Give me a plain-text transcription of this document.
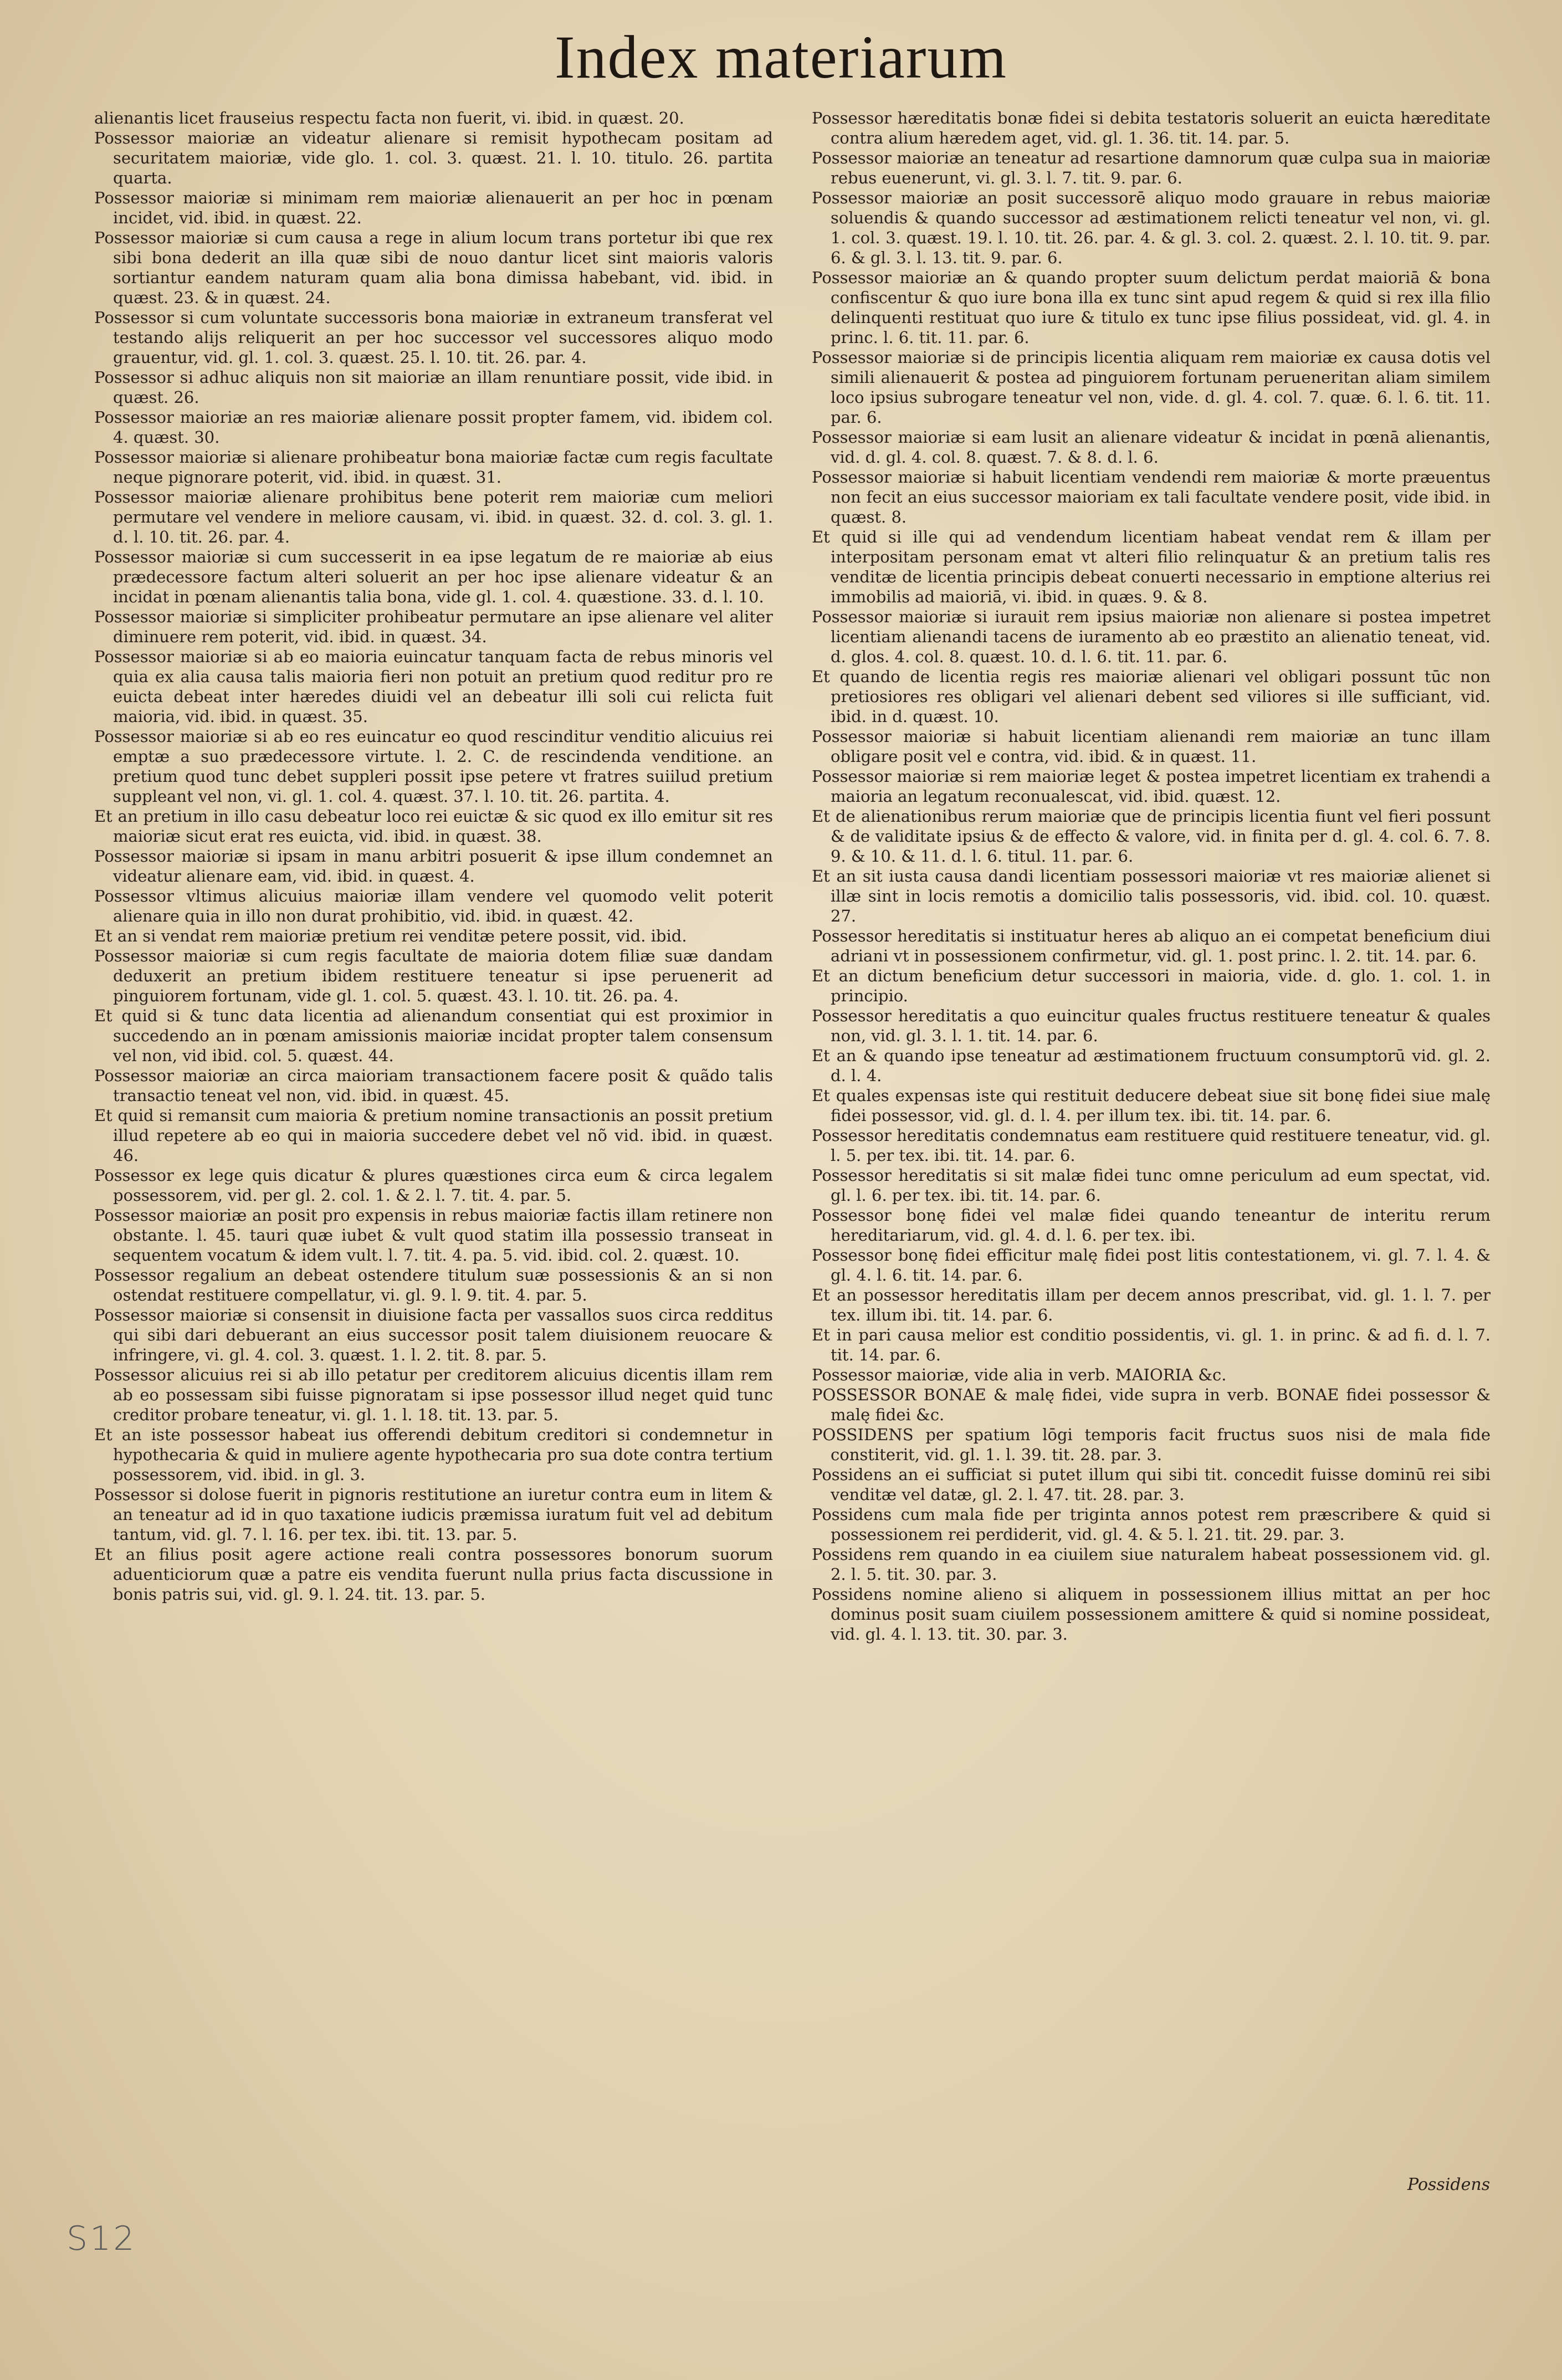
Index materiarum

alienantis licet frauseius respectu facta non fuerit, vi. ibid. in quæst. 20.

Possessor maioriæ an videatur alienare si remisit hypothecam positam ad securitatem maioriæ, vide glo. 1. col. 3. quæst. 21. l. 10. titulo. 26. partita quarta.

Possessor maioriæ si minimam rem maioriæ alienauerit an per hoc in pœnam incidet, vid. ibid. in quæst. 22.

Possessor maioriæ si cum causa a rege in alium locum trans portetur ibi que rex sibi bona dederit an illa quæ sibi de nouo dantur licet sint maioris valoris sortiantur eandem naturam quam alia bona dimissa habebant, vid. ibid. in quæst. 23. & in quæst. 24.

Possessor si cum voluntate successoris bona maioriæ in extraneum transferat vel testando alijs reliquerit an per hoc successor vel successores aliquo modo grauentur, vid. gl. 1. col. 3. quæst. 25. l. 10. tit. 26. par. 4.

Possessor si adhuc aliquis non sit maioriæ an illam renuntiare possit, vide ibid. in quæst. 26.

Possessor maioriæ an res maioriæ alienare possit propter famem, vid. ibidem col. 4. quæst. 30.

Possessor maioriæ si alienare prohibeatur bona maioriæ factæ cum regis facultate neque pignorare poterit, vid. ibid. in quæst. 31.

Possessor maioriæ alienare prohibitus bene poterit rem maioriæ cum meliori permutare vel vendere in meliore causam, vi. ibid. in quæst. 32. d. col. 3. gl. 1. d. l. 10. tit. 26. par. 4.

Possessor maioriæ si cum successerit in ea ipse legatum de re maioriæ ab eius prædecessore factum alteri soluerit an per hoc ipse alienare videatur & an incidat in pœnam alienantis talia bona, vide gl. 1. col. 4. quæstione. 33. d. l. 10.

Possessor maioriæ si simpliciter prohibeatur permutare an ipse alienare vel aliter diminuere rem poterit, vid. ibid. in quæst. 34.

Possessor maioriæ si ab eo maioria euincatur tanquam facta de rebus minoris vel quia ex alia causa talis maioria fieri non potuit an pretium quod reditur pro re euicta debeat inter hæredes diuidi vel an debeatur illi soli cui relicta fuit maioria, vid. ibid. in quæst. 35.

Possessor maioriæ si ab eo res euincatur eo quod rescinditur venditio alicuius rei emptæ a suo prædecessore virtute. l. 2. C. de rescindenda venditione. an pretium quod tunc debet suppleri possit ipse petere vt fratres suiilud pretium suppleant vel non, vi. gl. 1. col. 4. quæst. 37. l. 10. tit. 26. partita. 4.

Et an pretium in illo casu debeatur loco rei euictæ & sic quod ex illo emitur sit res maioriæ sicut erat res euicta, vid. ibid. in quæst. 38.

Possessor maioriæ si ipsam in manu arbitri posuerit & ipse illum condemnet an videatur alienare eam, vid. ibid. in quæst. 4.

Possessor vltimus alicuius maioriæ illam vendere vel quomodo velit poterit alienare quia in illo non durat prohibitio, vid. ibid. in quæst. 42.

Et an si vendat rem maioriæ pretium rei venditæ petere possit, vid. ibid.

Possessor maioriæ si cum regis facultate de maioria dotem filiæ suæ dandam deduxerit an pretium ibidem restituere teneatur si ipse peruenerit ad pinguiorem fortunam, vide gl. 1. col. 5. quæst. 43. l. 10. tit. 26. pa. 4.

Et quid si & tunc data licentia ad alienandum consentiat qui est proximior in succedendo an in pœnam amissionis maioriæ incidat propter talem consensum vel non, vid ibid. col. 5. quæst. 44.

Possessor maioriæ an circa maioriam transactionem facere posit & quãdo talis transactio teneat vel non, vid. ibid. in quæst. 45.

Et quid si remansit cum maioria & pretium nomine transactionis an possit pretium illud repetere ab eo qui in maioria succedere debet vel nõ vid. ibid. in quæst. 46.

Possessor ex lege quis dicatur & plures quæstiones circa eum & circa legalem possessorem, vid. per gl. 2. col. 1. & 2. l. 7. tit. 4. par. 5.

Possessor maioriæ an posit pro expensis in rebus maioriæ factis illam retinere non obstante. l. 45. tauri quæ iubet & vult quod statim illa possessio transeat in sequentem vocatum & idem vult. l. 7. tit. 4. pa. 5. vid. ibid. col. 2. quæst. 10.

Possessor regalium an debeat ostendere titulum suæ possessionis & an si non ostendat restituere compellatur, vi. gl. 9. l. 9. tit. 4. par. 5.

Possessor maioriæ si consensit in diuisione facta per vassallos suos circa redditus qui sibi dari debuerant an eius successor posit talem diuisionem reuocare & infringere, vi. gl. 4. col. 3. quæst. 1. l. 2. tit. 8. par. 5.

Possessor alicuius rei si ab illo petatur per creditorem alicuius dicentis illam rem ab eo possessam sibi fuisse pignoratam si ipse possessor illud neget quid tunc creditor probare teneatur, vi. gl. 1. l. 18. tit. 13. par. 5.

Et an iste possessor habeat ius offerendi debitum creditori si condemnetur in hypothecaria & quid in muliere agente hypothecaria pro sua dote contra tertium possessorem, vid. ibid. in gl. 3.

Possessor si dolose fuerit in pignoris restitutione an iuretur contra eum in litem & an teneatur ad id in quo taxatione iudicis præmissa iuratum fuit vel ad debitum tantum, vid. gl. 7. l. 16. per tex. ibi. tit. 13. par. 5.

Et an filius posit agere actione reali contra possessores bonorum suorum aduenticiorum quæ a patre eis vendita fuerunt nulla prius facta discussione in bonis patris sui, vid. gl. 9. l. 24. tit. 13. par. 5.

Possessor hæreditatis bonæ fidei si debita testatoris soluerit an euicta hæreditate contra alium hæredem aget, vid. gl. 1. 36. tit. 14. par. 5.

Possessor maioriæ an teneatur ad resartione damnorum quæ culpa sua in maioriæ rebus euenerunt, vi. gl. 3. l. 7. tit. 9. par. 6.

Possessor maioriæ an posit successorē aliquo modo grauare in rebus maioriæ soluendis & quando successor ad æstimationem relicti teneatur vel non, vi. gl. 1. col. 3. quæst. 19. l. 10. tit. 26. par. 4. & gl. 3. col. 2. quæst. 2. l. 10. tit. 9. par. 6. & gl. 3. l. 13. tit. 9. par. 6.

Possessor maioriæ an & quando propter suum delictum perdat maioriā & bona confiscentur & quo iure bona illa ex tunc sint apud regem & quid si rex illa filio delinquenti restituat quo iure & titulo ex tunc ipse filius possideat, vid. gl. 4. in princ. l. 6. tit. 11. par. 6.

Possessor maioriæ si de principis licentia aliquam rem maioriæ ex causa dotis vel simili alienauerit & postea ad pinguiorem fortunam perueneritan aliam similem loco ipsius subrogare teneatur vel non, vide. d. gl. 4. col. 7. quæ. 6. l. 6. tit. 11. par. 6.

Possessor maioriæ si eam lusit an alienare videatur & incidat in pœnā alienantis, vid. d. gl. 4. col. 8. quæst. 7. & 8. d. l. 6.

Possessor maioriæ si habuit licentiam vendendi rem maioriæ & morte præuentus non fecit an eius successor maioriam ex tali facultate vendere posit, vide ibid. in quæst. 8.

Et quid si ille qui ad vendendum licentiam habeat vendat rem & illam per interpositam personam emat vt alteri filio relinquatur & an pretium talis res venditæ de licentia principis debeat conuerti necessario in emptione alterius rei immobilis ad maioriā, vi. ibid. in quæs. 9. & 8.

Possessor maioriæ si iurauit rem ipsius maioriæ non alienare si postea impetret licentiam alienandi tacens de iuramento ab eo præstito an alienatio teneat, vid. d. glos. 4. col. 8. quæst. 10. d. l. 6. tit. 11. par. 6.

Et quando de licentia regis res maioriæ alienari vel obligari possunt tūc non pretiosiores res obligari vel alienari debent sed viliores si ille sufficiant, vid. ibid. in d. quæst. 10.

Possessor maioriæ si habuit licentiam alienandi rem maioriæ an tunc illam obligare posit vel e contra, vid. ibid. & in quæst. 11.

Possessor maioriæ si rem maioriæ leget & postea impetret licentiam ex trahendi a maioria an legatum reconualescat, vid. ibid. quæst. 12.

Et de alienationibus rerum maioriæ que de principis licentia fiunt vel fieri possunt & de validitate ipsius & de effecto & valore, vid. in finita per d. gl. 4. col. 6. 7. 8. 9. & 10. & 11. d. l. 6. titul. 11. par. 6.

Et an sit iusta causa dandi licentiam possessori maioriæ vt res maioriæ alienet si illæ sint in locis remotis a domicilio talis possessoris, vid. ibid. col. 10. quæst. 27.

Possessor hereditatis si instituatur heres ab aliquo an ei competat beneficium diui adriani vt in possessionem confirmetur, vid. gl. 1. post princ. l. 2. tit. 14. par. 6.

Et an dictum beneficium detur successori in maioria, vide. d. glo. 1. col. 1. in principio.

Possessor hereditatis a quo euincitur quales fructus restituere teneatur & quales non, vid. gl. 3. l. 1. tit. 14. par. 6.

Et an & quando ipse teneatur ad æstimationem fructuum consumptorū vid. gl. 2. d. l. 4.

Et quales expensas iste qui restituit deducere debeat siue sit bonę fidei siue malę fidei possessor, vid. gl. d. l. 4. per illum tex. ibi. tit. 14. par. 6.

Possessor hereditatis condemnatus eam restituere quid restituere teneatur, vid. gl. l. 5. per tex. ibi. tit. 14. par. 6.

Possessor hereditatis si sit malæ fidei tunc omne periculum ad eum spectat, vid. gl. l. 6. per tex. ibi. tit. 14. par. 6.

Possessor bonę fidei vel malæ fidei quando teneantur de interitu rerum hereditariarum, vid. gl. 4. d. l. 6. per tex. ibi.

Possessor bonę fidei efficitur malę fidei post litis contestationem, vi. gl. 7. l. 4. & gl. 4. l. 6. tit. 14. par. 6.

Et an possessor hereditatis illam per decem annos prescribat, vid. gl. 1. l. 7. per tex. illum ibi. tit. 14. par. 6.

Et in pari causa melior est conditio possidentis, vi. gl. 1. in princ. & ad fi. d. l. 7. tit. 14. par. 6.

Possessor maioriæ, vide alia in verb. MAIORIA &c.

POSSESSOR BONAE & malę fidei, vide supra in verb. BONAE fidei possessor & malę fidei &c.

POSSIDENS per spatium lōgi temporis facit fructus suos nisi de mala fide constiterit, vid. gl. 1. l. 39. tit. 28. par. 3.

Possidens an ei sufficiat si putet illum qui sibi tit. concedit fuisse dominū rei sibi venditæ vel datæ, gl. 2. l. 47. tit. 28. par. 3.

Possidens cum mala fide per triginta annos potest rem præscribere & quid si possessionem rei perdiderit, vid. gl. 4. & 5. l. 21. tit. 29. par. 3.

Possidens rem quando in ea ciuilem siue naturalem habeat possessionem vid. gl. 2. l. 5. tit. 30. par. 3.

Possidens nomine alieno si aliquem in possessionem illius mittat an per hoc dominus posit suam ciuilem possessionem amittere & quid si nomine possideat, vid. gl. 4. l. 13. tit. 30. par. 3.

Possidens
S12
